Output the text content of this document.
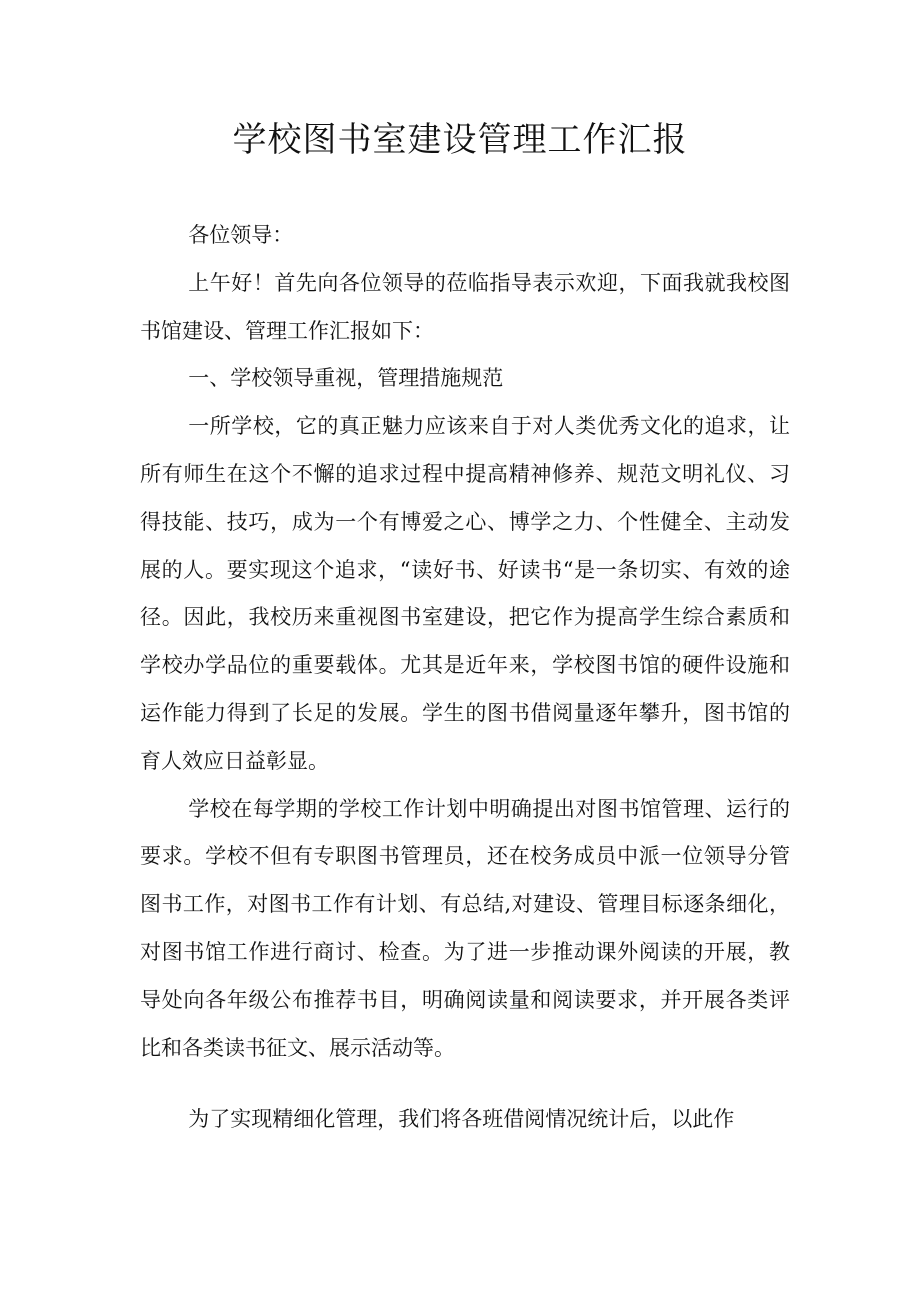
学校图书室建设管理工作汇报

各位领导：

上午好！首先向各位领导的莅临指导表示欢迎，下面我就我校图书馆建设、管理工作汇报如下：

一、学校领导重视，管理措施规范

一所学校，它的真正魅力应该来自于对人类优秀文化的追求，让所有师生在这个不懈的追求过程中提高精神修养、规范文明礼仪、习得技能、技巧，成为一个有博爱之心、博学之力、个性健全、主动发展的人。要实现这个追求，“读好书、好读书“是一条切实、有效的途径。因此，我校历来重视图书室建设，把它作为提高学生综合素质和学校办学品位的重要载体。尤其是近年来，学校图书馆的硬件设施和运作能力得到了长足的发展。学生的图书借阅量逐年攀升，图书馆的育人效应日益彰显。

学校在每学期的学校工作计划中明确提出对图书馆管理、运行的要求。学校不但有专职图书管理员，还在校务成员中派一位领导分管图书工作，对图书工作有计划、有总结,对建设、管理目标逐条细化，对图书馆工作进行商讨、检查。为了进一步推动课外阅读的开展，教导处向各年级公布推荐书目，明确阅读量和阅读要求，并开展各类评比和各类读书征文、展示活动等。

为了实现精细化管理，我们将各班借阅情况统计后，以此作
